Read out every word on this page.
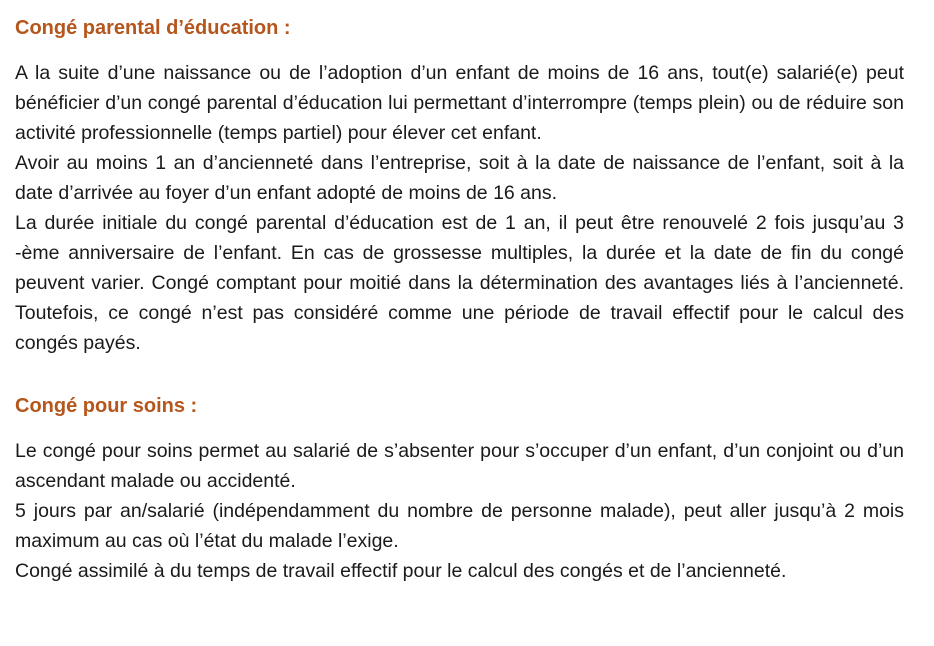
Congé parental d’éducation :

A la suite d’une naissance ou de l’adoption d’un enfant de moins de 16 ans, tout(e) salarié(e) peut bénéficier d’un congé parental d’éducation lui permettant d’interrompre (temps plein) ou de réduire son activité professionnelle (temps partiel) pour élever cet enfant.

Avoir au moins 1 an d’ancienneté dans l’entreprise, soit à la date de naissance de l’enfant, soit à la date d’arrivée au foyer d’un enfant adopté de moins de 16 ans.

La durée initiale du congé parental d’éducation est de 1 an, il peut être renouvelé 2 fois jusqu’au 3 -ème anniversaire de l’enfant. En cas de grossesse multiples, la durée et la date de fin du congé peuvent varier. Congé comptant pour moitié dans la détermination des avantages liés à l’ancienneté. Toutefois, ce congé n’est pas considéré comme une période de travail effectif pour le calcul des congés payés.

Congé pour soins :

Le congé pour soins permet au salarié de s’absenter pour s’occuper d’un enfant, d’un conjoint ou d’un ascendant malade ou accidenté.

5 jours par an/salarié (indépendamment du nombre de personne malade), peut aller jusqu’à 2 mois maximum au cas où l’état du malade l’exige.

Congé assimilé à du temps de travail effectif pour le calcul des congés et de l’ancienneté.
